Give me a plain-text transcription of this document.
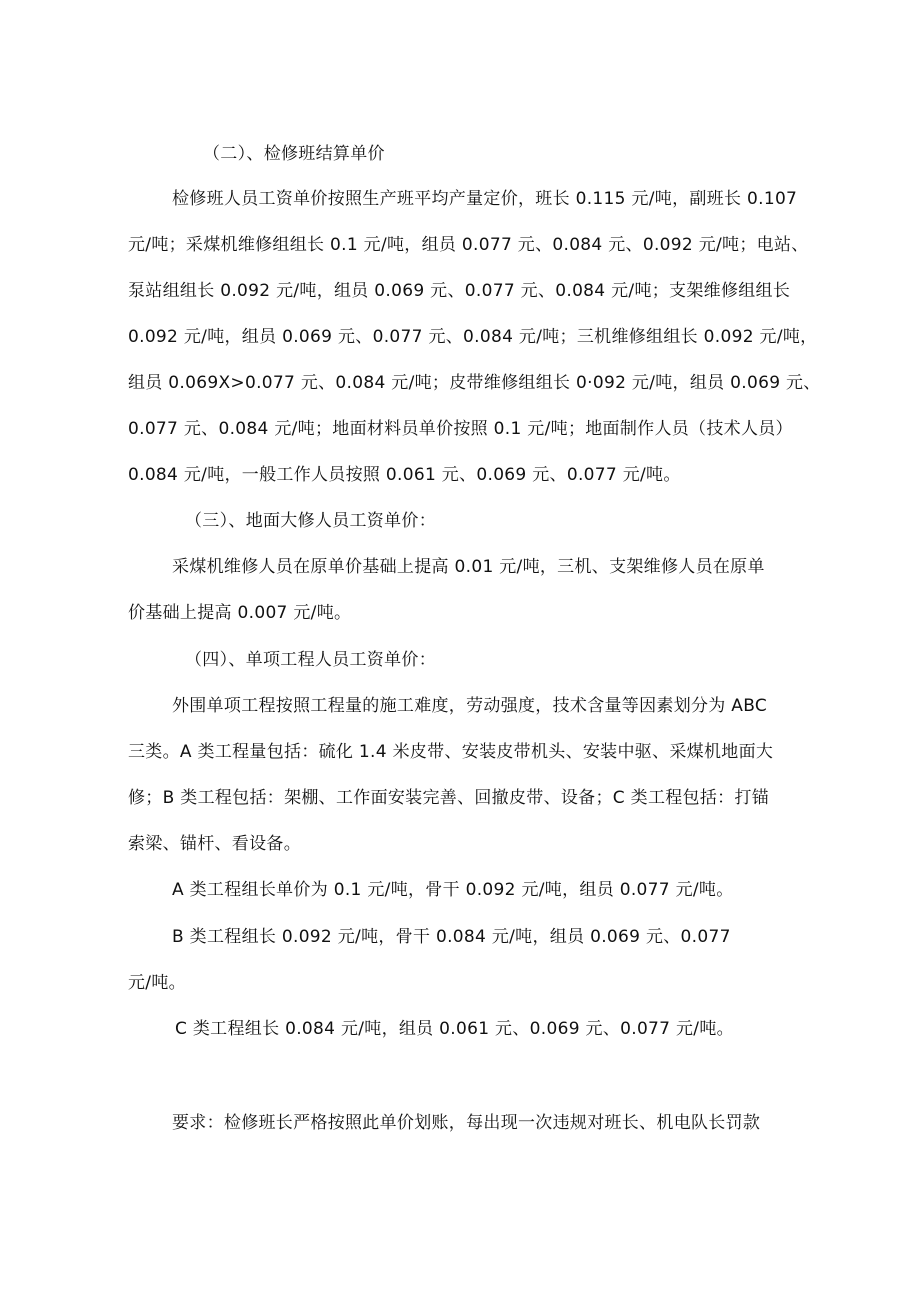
（二）、检修班结算单价
检修班人员工资单价按照生产班平均产量定价，班长 0.115 元/吨，副班长 0.107
元/吨；采煤机维修组组长 0.1 元/吨，组员 0.077 元、0.084 元、0.092 元/吨；电站、
泵站组组长 0.092 元/吨，组员 0.069 元、0.077 元、0.084 元/吨；支架维修组组长
0.092 元/吨，组员 0.069 元、0.077 元、0.084 元/吨；三机维修组组长 0.092 元/吨，
组员 0.069X>0.077 元、0.084 元/吨；皮带维修组组长 0·092 元/吨，组员 0.069 元、
0.077 元、0.084 元/吨；地面材料员单价按照 0.1 元/吨；地面制作人员（技术人员）
0.084 元/吨，一般工作人员按照 0.061 元、0.069 元、0.077 元/吨。
（三）、地面大修人员工资单价：
采煤机维修人员在原单价基础上提高 0.01 元/吨，三机、支架维修人员在原单
价基础上提高 0.007 元/吨。
（四）、单项工程人员工资单价：
外围单项工程按照工程量的施工难度，劳动强度，技术含量等因素划分为 ABC
三类。A 类工程量包括：硫化 1.4 米皮带、安装皮带机头、安装中驱、采煤机地面大
修；B 类工程包括：架棚、工作面安装完善、回撤皮带、设备；C 类工程包括：打锚
索梁、锚杆、看设备。
A 类工程组长单价为 0.1 元/吨，骨干 0.092 元/吨，组员 0.077 元/吨。
B 类工程组长 0.092 元/吨，骨干 0.084 元/吨，组员 0.069 元、0.077
元/吨。
C 类工程组长 0.084 元/吨，组员 0.061 元、0.069 元、0.077 元/吨。
要求：检修班长严格按照此单价划账，每出现一次违规对班长、机电队长罚款
